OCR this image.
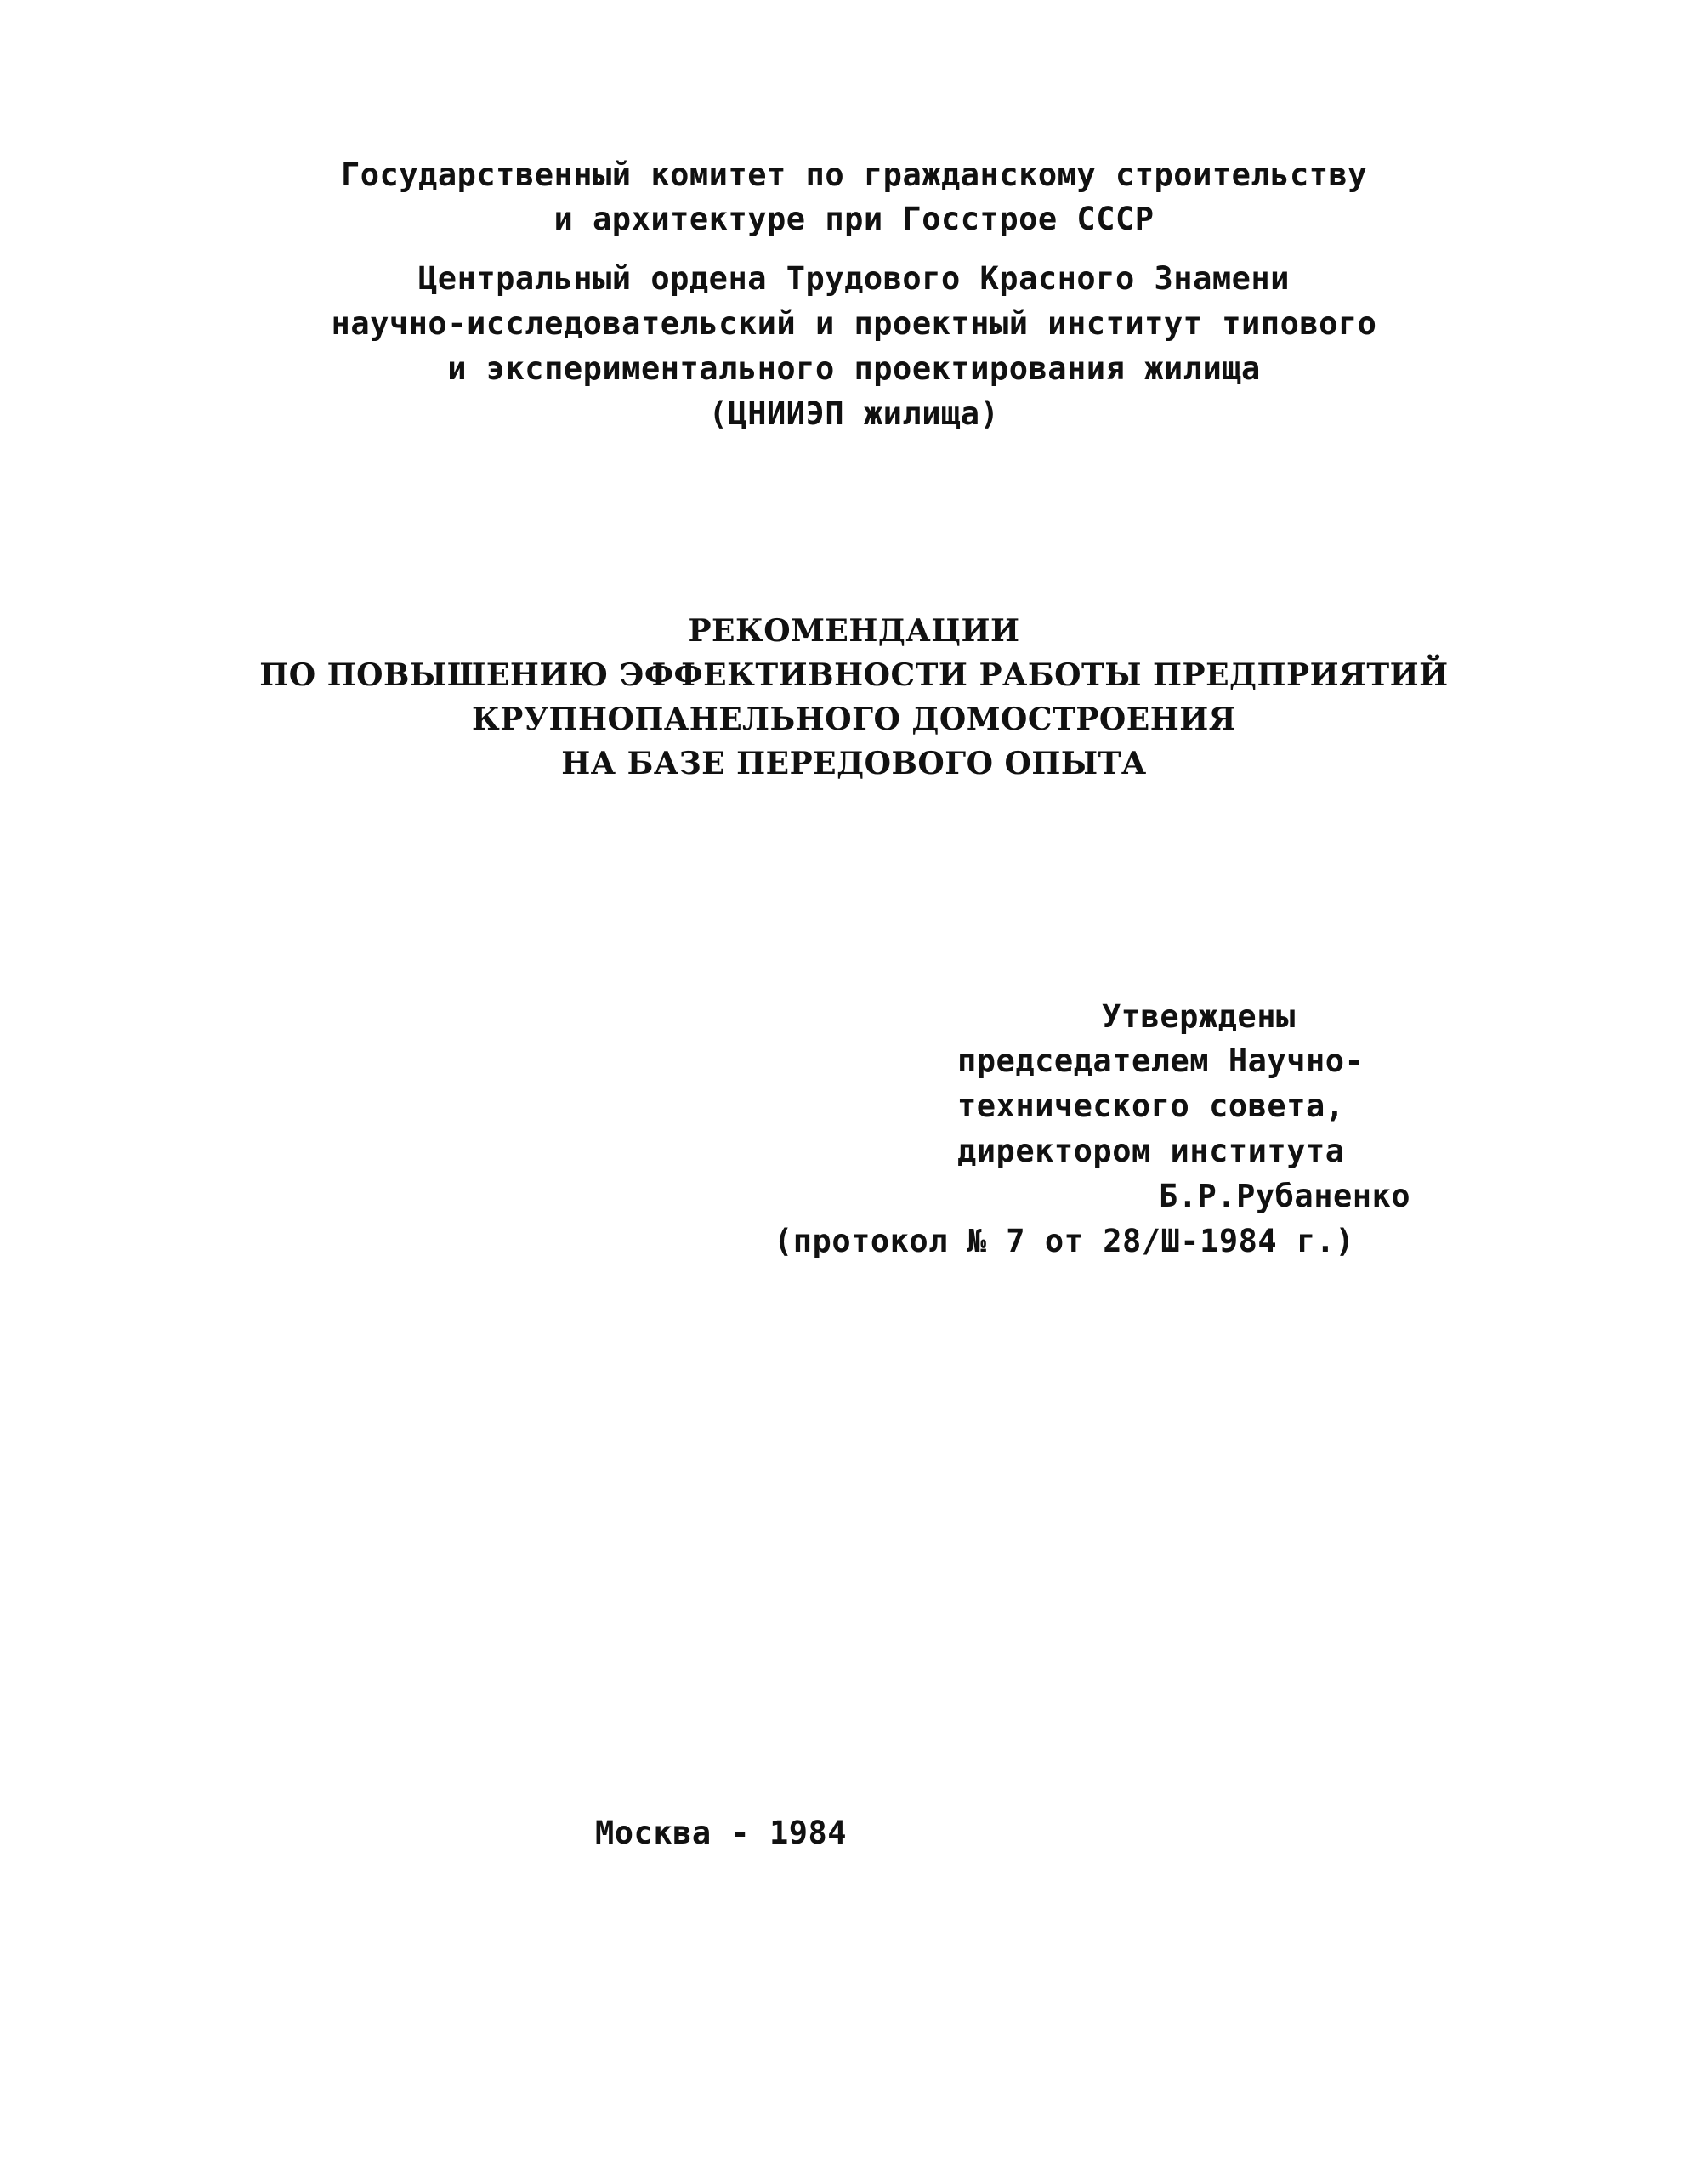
Государственный комитет по гражданскому строительству
и архитектуре при Госстрое СССР
Центральный ордена Трудового Красного Знамени
научно-исследовательский и проектный институт типового
и экспериментального проектирования жилища
(ЦНИИЭП жилища)
РЕКОМЕНДАЦИИ
ПО ПОВЫШЕНИЮ ЭФФЕКТИВНОСТИ РАБОТЫ ПРЕДПРИЯТИЙ
КРУПНОПАНЕЛЬНОГО ДОМОСТРОЕНИЯ
НА БАЗЕ ПЕРЕДОВОГО ОПЫТА
Утверждены
председателем Научно-
технического совета,
директором института
Б.Р.Рубаненко
(протокол № 7 от 28/Ш-1984 г.)
Москва - 1984
